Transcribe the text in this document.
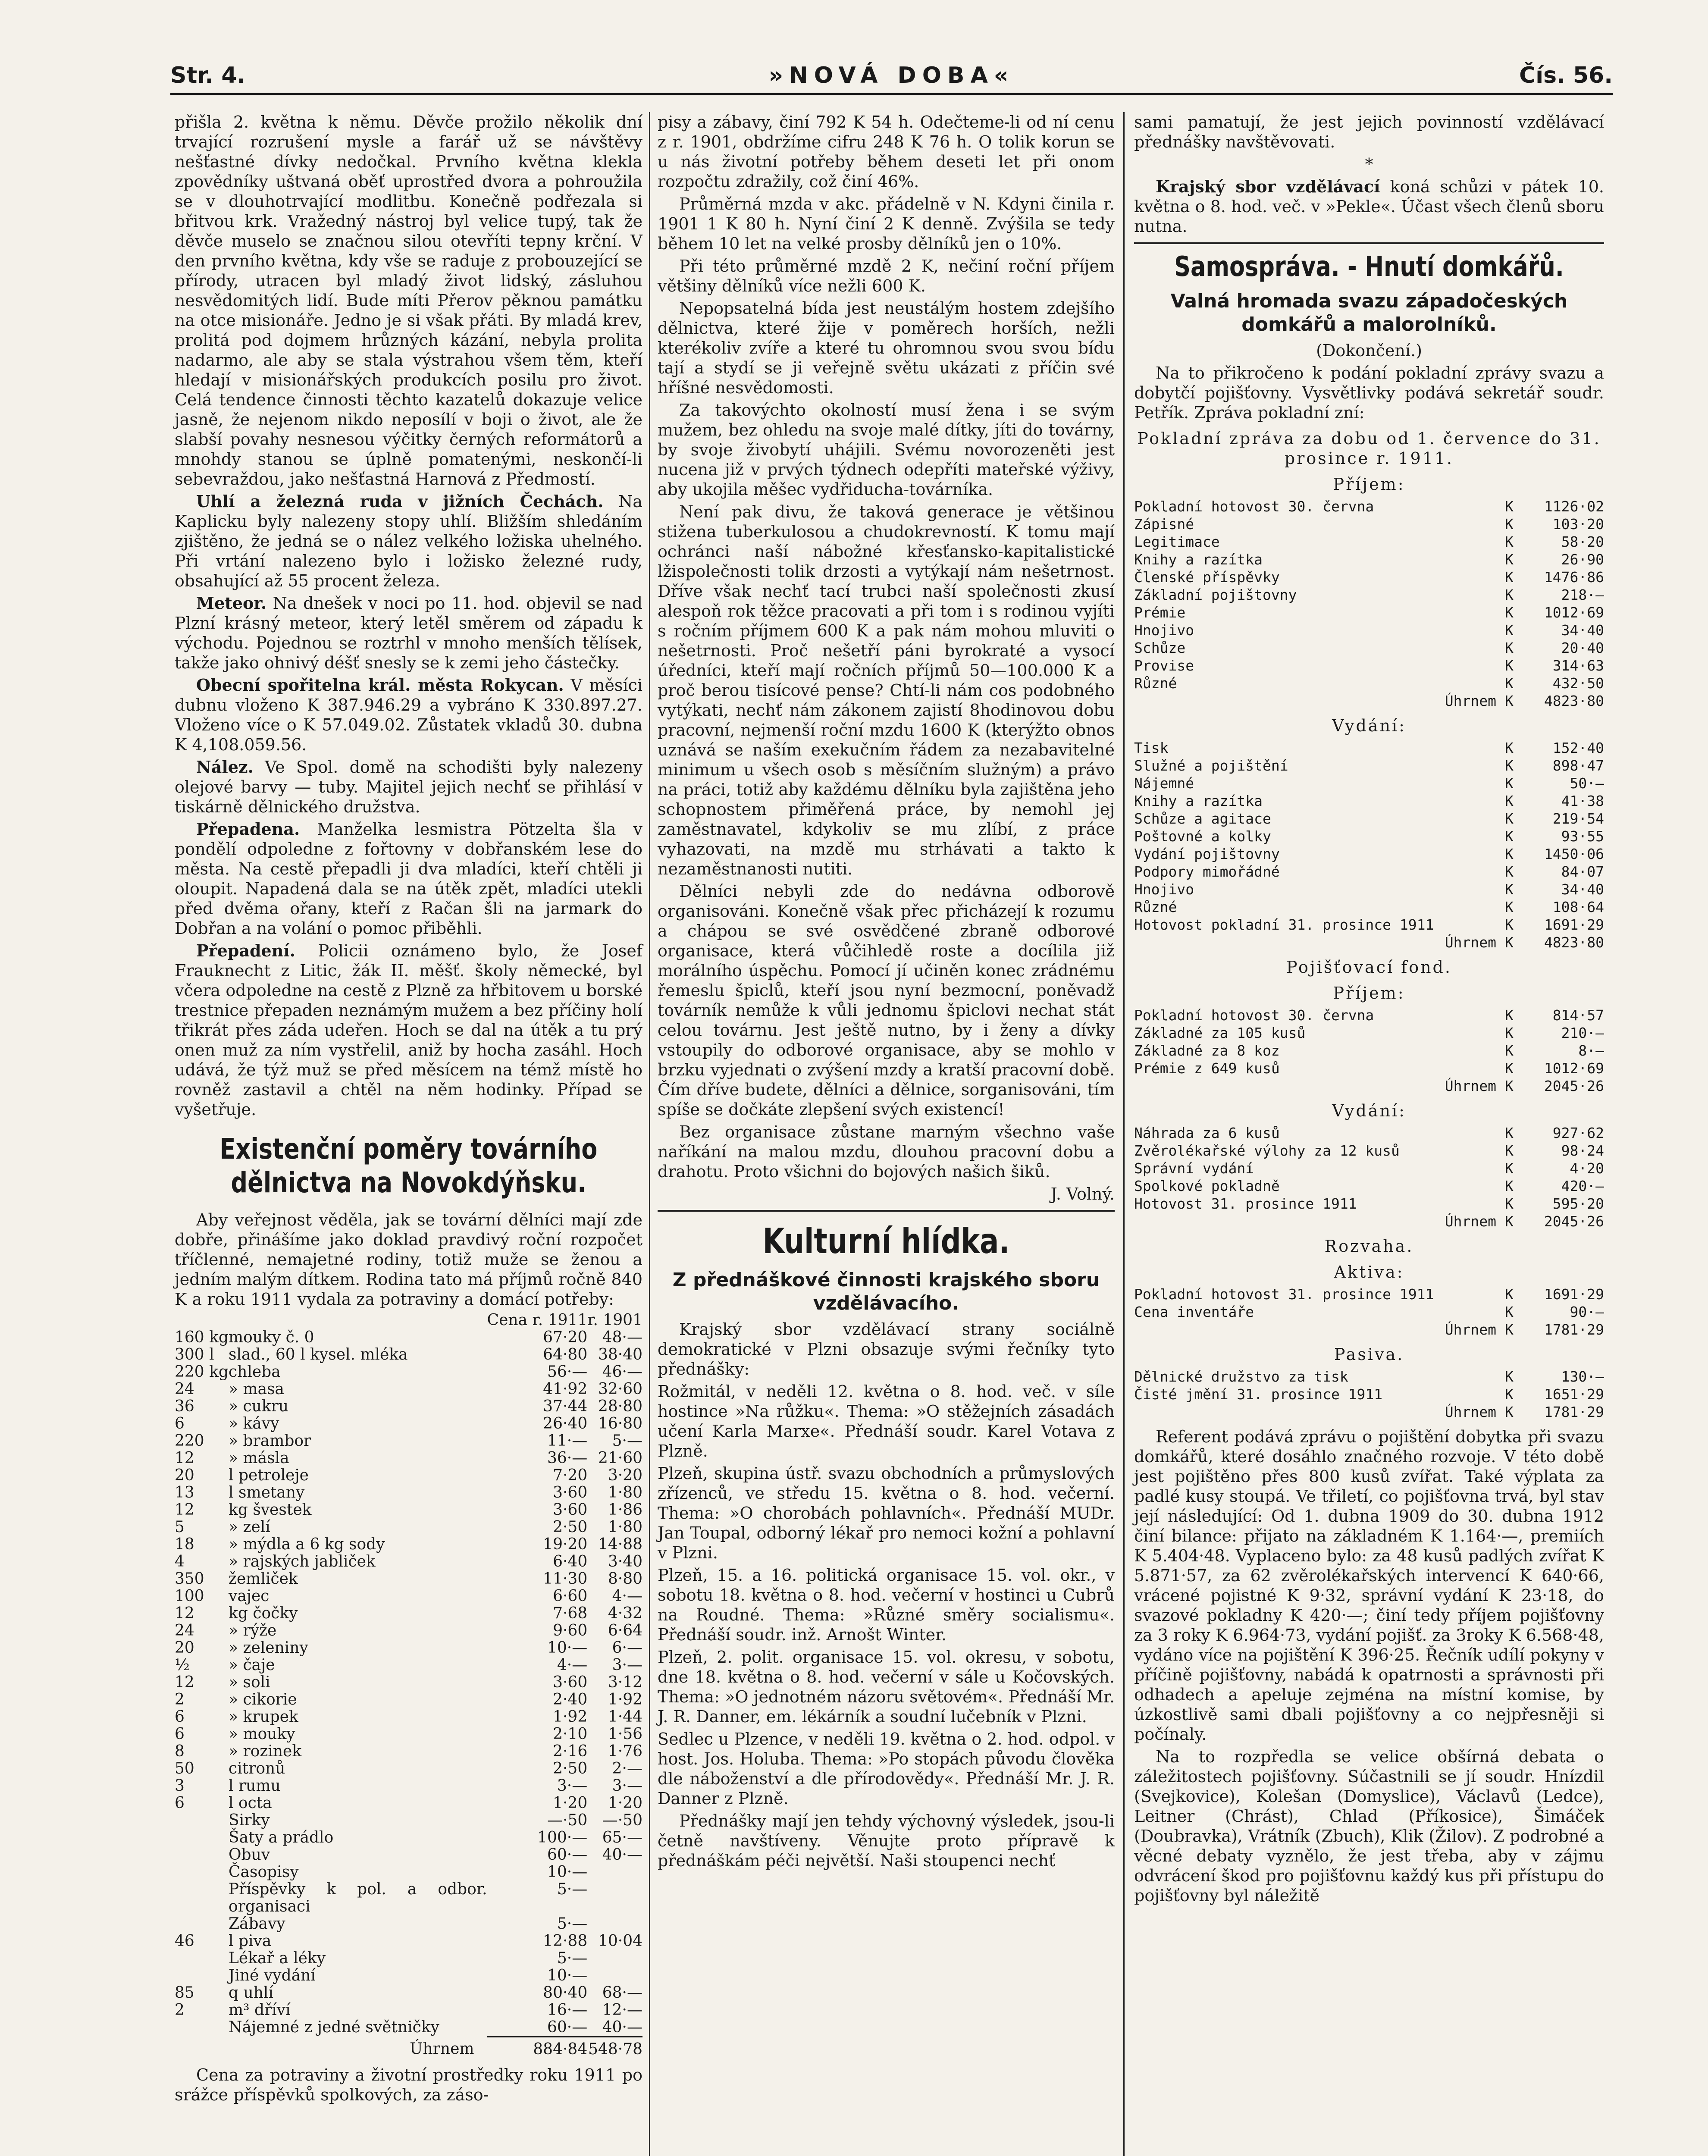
Str. 4.	»NOVÁ DOBA«	Čís. 56.

přišla 2. května k němu. Děvče prožilo několik dní trvající rozrušení mysle a farář už se návštěvy nešťastné dívky nedočkal. Prvního května klekla zpovědníky uštvaná oběť uprostřed dvora a pohroužila se v dlouhotrvající modlitbu. Konečně podřezala si břitvou krk. Vražedný nástroj byl velice tupý, tak že děvče muselo se značnou silou otevříti tepny krční. V den prvního května, kdy vše se raduje z probouzející se přírody, utracen byl mladý život lidský, zásluhou nesvědomitých lidí. Bude míti Přerov pěknou památku na otce misionáře. Jedno je si však přáti. By mladá krev, prolitá pod dojmem hrůzných kázání, nebyla prolita nadarmo, ale aby se stala výstrahou všem těm, kteří hledají v misionářských produkcích posilu pro život. Celá tendence činnosti těchto kazatelů dokazuje velice jasně, že nejenom nikdo neposílí v boji o život, ale že slabší povahy nesnesou výčitky černých reformátorů a mnohdy stanou se úplně pomatenými, neskončí-li sebevraždou, jako nešťastná Harnová z Předmostí.

Uhlí a železná ruda v jižních Čechách. Na Kaplicku byly nalezeny stopy uhlí. Bližším shledáním zjištěno, že jedná se o nález velkého ložiska uhelného. Při vrtání nalezeno bylo i ložisko železné rudy, obsahující až 55 procent železa.

Meteor. Na dnešek v noci po 11. hod. objevil se nad Plzní krásný meteor, který letěl směrem od západu k východu. Pojednou se roztrhl v mnoho menších tělísek, takže jako ohnivý déšť snesly se k zemi jeho částečky.

Obecní spořitelna král. města Rokycan. V měsíci dubnu vloženo K 387.946.29 a vybráno K 330.897.27. Vloženo více o K 57.049.02. Zůstatek vkladů 30. dubna K 4,108.059.56.

Nález. Ve Spol. domě na schodišti byly nalezeny olejové barvy — tuby. Majitel jejich nechť se přihlásí v tiskárně dělnického družstva.

Přepadena. Manželka lesmistra Pötzelta šla v pondělí odpoledne z fořtovny v dobřanském lese do města. Na cestě přepadli ji dva mladíci, kteří chtěli ji oloupit. Napadená dala se na útěk zpět, mladíci utekli před dvěma ořany, kteří z Račan šli na jarmark do Dobřan a na volání o pomoc přiběhli.

Přepadení. Policii oznámeno bylo, že Josef Frauknecht z Litic, žák II. měšť. školy německé, byl včera odpoledne na cestě z Plzně za hřbitovem u borské trestnice přepaden neznámým mužem a bez příčiny holí třikrát přes záda udeřen. Hoch se dal na útěk a tu prý onen muž za ním vystřelil, aniž by hocha zasáhl. Hoch udává, že týž muž se před měsícem na témž místě ho rovněž zastavil a chtěl na něm hodinky. Případ se vyšetřuje.

Existenční poměry továrního dělnictva na Novokdýňsku.

Aby veřejnost věděla, jak se tovární dělníci mají zde dobře, přinášíme jako doklad pravdivý roční rozpočet tříčlenné, nemajetné rodiny, totiž muže se ženou a jedním malým dítkem. Rodina tato má příjmů ročně 840 K a roku 1911 vydala za potraviny a domácí potřeby:

		Cena r. 1911	r. 1901
160 kg	mouky č. 0	67·20	48·—
300 l	slad., 60 l kysel. mléka	64·80	38·40
220 kg	chleba	56·—	46·—
24	» masa	41·92	32·60
36	» cukru	37·44	28·80
6	» kávy	26·40	16·80
220	» brambor	11·—	5·—
12	» másla	36·—	21·60
20	l petroleje	7·20	3·20
13	l smetany	3·60	1·80
12	kg švestek	3·60	1·86
5	» zelí	2·50	1·80
18	» mýdla a 6 kg sody	19·20	14·88
4	» rajských jabliček	6·40	3·40
350	žemliček	11·30	8·80
100	vajec	6·60	4·—
12	kg čočky	7·68	4·32
24	» rýže	9·60	6·64
20	» zeleniny	10·—	6·—
½	» čaje	4·—	3·—
12	» soli	3·60	3·12
2	» cikorie	2·40	1·92
6	» krupek	1·92	1·44
6	» mouky	2·10	1·56
8	» rozinek	2·16	1·76
50	citronů	2·50	2·—
3	l rumu	3·—	3·—
6	l octa	1·20	1·20
	Sirky	—·50	—·50
	Šaty a prádlo	100·—	65·—
	Obuv	60·—	40·—
	Časopisy	10·—	
	Příspěvky k pol. a odbor. organisaci	5·—	
	Zábavy	5·—	
46	l piva	12·88	10·04
	Lékař a léky	5·—	
	Jiné vydání	10·—	
85	q uhlí	80·40	68·—
2	m³ dříví	16·—	12·—
	Nájemné z jedné světničky	60·—	40·—
	Úhrnem	884·84	548·78

Cena za potraviny a životní prostředky roku 1911 po srážce příspěvků spolkových, za záso-

pisy a zábavy, činí 792 K 54 h. Odečteme-li od ní cenu z r. 1901, obdržíme cifru 248 K 76 h. O tolik korun se u nás životní potřeby během deseti let při onom rozpočtu zdražily, což činí 46%.

Průměrná mzda v akc. přádelně v N. Kdyni činila r. 1901 1 K 80 h. Nyní činí 2 K denně. Zvýšila se tedy během 10 let na velké prosby dělníků jen o 10%.

Při této průměrné mzdě 2 K, nečiní roční příjem většiny dělníků více nežli 600 K.

Nepopsatelná bída jest neustálým hostem zdejšího dělnictva, které žije v poměrech horších, nežli kterékoliv zvíře a které tu ohromnou svou svou bídu tají a stydí se ji veřejně světu ukázati z příčin své hříšné nesvědomosti.

Za takovýchto okolností musí žena i se svým mužem, bez ohledu na svoje malé dítky, jíti do továrny, by svoje živobytí uhájili. Svému novorozeněti jest nucena již v prvých týdnech odepříti mateřské výživy, aby ukojila měšec vydřiducha-továrníka.

Není pak divu, že taková generace je většinou stižena tuberkulosou a chudokrevností. K tomu mají ochránci naší nábožné křesťansko-kapitalistické lžispolečnosti tolik drzosti a vytýkají nám nešetrnost. Dříve však nechť tací trubci naší společnosti zkusí alespoň rok těžce pracovati a při tom i s rodinou vyjíti s ročním příjmem 600 K a pak nám mohou mluviti o nešetrnosti. Proč nešetří páni byrokraté a vysocí úředníci, kteří mají ročních příjmů 50—100.000 K a proč berou tisícové pense? Chtí-li nám cos podobného vytýkati, nechť nám zákonem zajistí 8hodinovou dobu pracovní, nejmenší roční mzdu 1600 K (kterýžto obnos uznává se naším exekučním řádem za nezabavitelné minimum u všech osob s měsíčním služným) a právo na práci, totiž aby každému dělníku byla zajištěna jeho schopnostem přiměřená práce, by nemohl jej zaměstnavatel, kdykoliv se mu zlíbí, z práce vyhazovati, na mzdě mu strhávati a takto k nezaměstnanosti nutiti.

Dělníci nebyli zde do nedávna odborově organisováni. Konečně však přec přicházejí k rozumu a chápou se své osvědčené zbraně odborové organisace, která vůčihledě roste a docílila již morálního úspěchu. Pomocí jí učiněn konec zrádnému řemeslu špiclů, kteří jsou nyní bezmocní, poněvadž továrník nemůže k vůli jednomu špiclovi nechat stát celou továrnu. Jest ještě nutno, by i ženy a dívky vstoupily do odborové organisace, aby se mohlo v brzku vyjednati o zvýšení mzdy a kratší pracovní době. Čím dříve budete, dělníci a dělnice, sorganisováni, tím spíše se dočkáte zlepšení svých existencí!

Bez organisace zůstane marným všechno vaše naříkání na malou mzdu, dlouhou pracovní dobu a drahotu. Proto všichni do bojových našich šiků.

J. Volný.

Kulturní hlídka.
Z přednáškové činnosti krajského sboru vzdělávacího.

Krajský sbor vzdělávací strany sociálně demokratické v Plzni obsazuje svými řečníky tyto přednášky:

Rožmitál, v neděli 12. května o 8. hod. več. v síle hostince »Na růžku«. Thema: »O stěžejních zásadách učení Karla Marxe«. Přednáší soudr. Karel Votava z Plzně.

Plzeň, skupina ústř. svazu obchodních a průmyslových zřízenců, ve středu 15. května o 8. hod. večerní. Thema: »O chorobách pohlavních«. Přednáší MUDr. Jan Toupal, odborný lékař pro nemoci kožní a pohlavní v Plzni.

Plzeň, 15. a 16. politická organisace 15. vol. okr., v sobotu 18. května o 8. hod. večerní v hostinci u Cubrů na Roudné. Thema: »Různé směry socialismu«. Přednáší soudr. inž. Arnošt Winter.

Plzeň, 2. polit. organisace 15. vol. okresu, v sobotu, dne 18. května o 8. hod. večerní v sále u Kočovských. Thema: »O jednotném názoru světovém«. Přednáší Mr. J. R. Danner, em. lékárník a soudní lučebník v Plzni.

Sedlec u Plzence, v neděli 19. května o 2. hod. odpol. v host. Jos. Holuba. Thema: »Po stopách původu člověka dle náboženství a dle přírodovědy«. Přednáší Mr. J. R. Danner z Plzně.

Přednášky mají jen tehdy výchovný výsledek, jsou-li četně navštíveny. Věnujte proto přípravě k přednáškám péči největší. Naši stoupenci nechť

sami pamatují, že jest jejich povinností vzdělávací přednášky navštěvovati.

*

Krajský sbor vzdělávací koná schůzi v pátek 10. května o 8. hod. več. v »Pekle«. Účast všech členů sboru nutna.

Samospráva. - Hnutí domkářů.
Valná hromada svazu západočeských domkářů a malorolníků.

(Dokončení.)

Na to přikročeno k podání pokladní zprávy svazu a dobytčí pojišťovny. Vysvětlivky podává sekretář soudr. Petřík. Zpráva pokladní zní:

Pokladní zpráva za dobu od 1. července do 31. prosince r. 1911.
Příjem:
Pokladní hotovost 30. června	K	1126·02
Zápisné	K	103·20
Legitimace	K	58·20
Knihy a razítka	K	26·90
Členské příspěvky	K	1476·86
Základní pojištovny	K	218·—
Prémie	K	1012·69
Hnojivo	K	34·40
Schůze	K	20·40
Provise	K	314·63
Různé	K	432·50
Úhrnem	K	4823·80
Vydání:
Tisk	K	152·40
Služné a pojištění	K	898·47
Nájemné	K	50·—
Knihy a razítka	K	41·38
Schůze a agitace	K	219·54
Poštovné a kolky	K	93·55
Vydání pojištovny	K	1450·06
Podpory mimořádné	K	84·07
Hnojivo	K	34·40
Různé	K	108·64
Hotovost pokladní 31. prosince 1911	K	1691·29
Úhrnem	K	4823·80
Pojišťovací fond.
Příjem:
Pokladní hotovost 30. června	K	814·57
Základné za 105 kusů	K	210·—
Základné za 8 koz	K	8·—
Prémie z 649 kusů	K	1012·69
Úhrnem	K	2045·26
Vydání:
Náhrada za 6 kusů	K	927·62
Zvěrolékařské výlohy za 12 kusů	K	98·24
Správní vydání	K	4·20
Spolkové pokladně	K	420·—
Hotovost 31. prosince 1911	K	595·20
Úhrnem	K	2045·26
Rozvaha.
Aktiva:
Pokladní hotovost 31. prosince 1911	K	1691·29
Cena inventáře	K	90·—
Úhrnem	K	1781·29
Pasiva.
Dělnické družstvo za tisk	K	130·—
Čisté jmění 31. prosince 1911	K	1651·29
Úhrnem	K	1781·29

Referent podává zprávu o pojištění dobytka při svazu domkářů, které dosáhlo značného rozvoje. V této době jest pojištěno přes 800 kusů zvířat. Také výplata za padlé kusy stoupá. Ve třiletí, co pojišťovna trvá, byl stav její následující: Od 1. dubna 1909 do 30. dubna 1912 činí bilance: přijato na základném K 1.164·—, premiích K 5.404·48. Vyplaceno bylo: za 48 kusů padlých zvířat K 5.871·57, za 62 zvěrolékařských intervencí K 640·66, vrácené pojistné K 9·32, správní vydání K 23·18, do svazové pokladny K 420·—; činí tedy příjem pojišťovny za 3 roky K 6.964·73, vydání pojišť. za 3roky K 6.568·48, vydáno více na pojištění K 396·25. Řečník udílí pokyny v příčině pojišťovny, nabádá k opatrnosti a správnosti při odhadech a apeluje zejména na místní komise, by úzkostlivě sami dbali pojišťovny a co nejpřesněji si počínaly.

Na to rozpředla se velice obšírná debata o záležitostech pojišťovny. Súčastnili se jí soudr. Hnízdil (Svejkovice), Kolešan (Domyslice), Václavů (Ledce), Leitner (Chrást), Chlad (Příkosice), Šimáček (Doubravka), Vrátník (Zbuch), Klik (Žilov). Z podrobné a věcné debaty vyznělo, že jest třeba, aby v zájmu odvrácení škod pro pojišťovnu každý kus při přístupu do pojišťovny byl náležitě
